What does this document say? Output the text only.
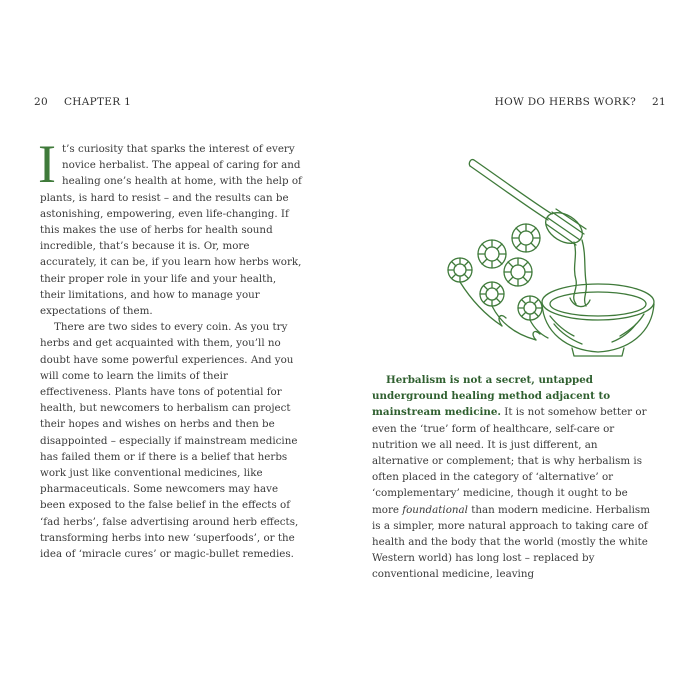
20 CHAPTER 1

It’s curiosity that sparks the interest of every novice herbalist. The appeal of caring for and healing one’s health at home, with the help of plants, is hard to resist – and the results can be astonishing, empowering, even life-changing. If this makes the use of herbs for health sound incredible, that’s because it is. Or, more accurately, it can be, if you learn how herbs work, their proper role in your life and your health, their limitations, and how to manage your expectations of them.

There are two sides to every coin. As you try herbs and get acquainted with them, you’ll no doubt have some powerful experiences. And you will come to learn the limits of their effectiveness. Plants have tons of potential for health, but newcomers to herbalism can project their hopes and wishes on herbs and then be disappointed – especially if mainstream medicine has failed them or if there is a belief that herbs work just like conventional medicines, like pharmaceuticals. Some newcomers may have been exposed to the false belief in the effects of ‘fad herbs’, false advertising around herb effects, transforming herbs into new ‘superfoods’, or the idea of ‘miracle cures’ or magic-bullet remedies.

HOW DO HERBS WORK? 21

Herbalism is not a secret, untapped underground healing method adjacent to mainstream medicine. It is not somehow better or even the ‘true’ form of healthcare, self-care or nutrition we all need. It is just different, an alternative or complement; that is why herbalism is often placed in the category of ‘alternative’ or ‘complementary’ medicine, though it ought to be more foundational than modern medicine. Herbalism is a simpler, more natural approach to taking care of health and the body that the world (mostly the white Western world) has long lost – replaced by conventional medicine, leaving
